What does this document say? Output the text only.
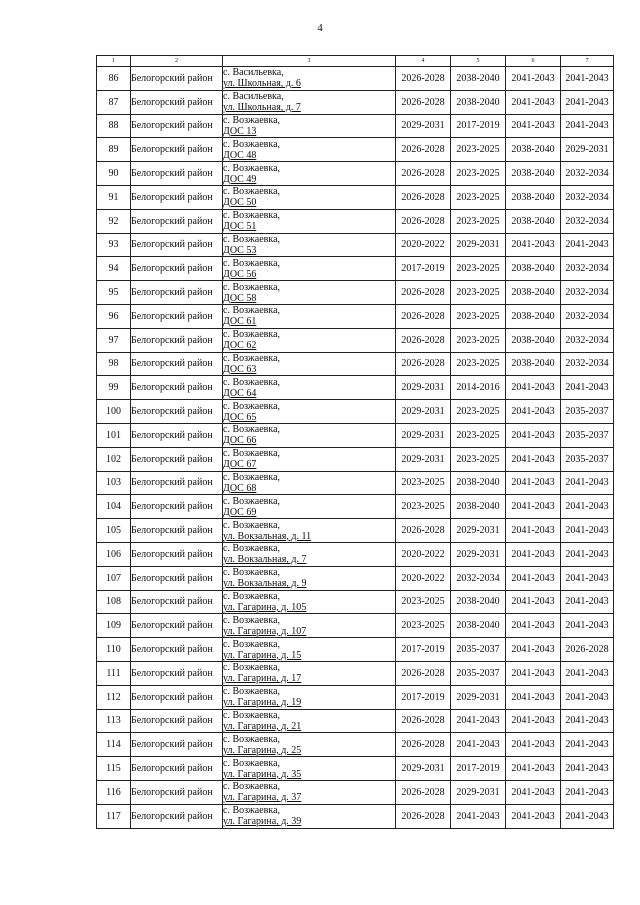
4
1	2	3	4	5	6	7
86	Белогорский район	с. Васильевка,
ул. Школьная, д. 6	2026-2028	2038-2040	2041-2043	2041-2043
87	Белогорский район	с. Васильевка,
ул. Школьная, д. 7	2026-2028	2038-2040	2041-2043	2041-2043
88	Белогорский район	с. Возжаевка,
ДОС 13	2029-2031	2017-2019	2041-2043	2041-2043
89	Белогорский район	с. Возжаевка,
ДОС 48	2026-2028	2023-2025	2038-2040	2029-2031
90	Белогорский район	с. Возжаевка,
ДОС 49	2026-2028	2023-2025	2038-2040	2032-2034
91	Белогорский район	с. Возжаевка,
ДОС 50	2026-2028	2023-2025	2038-2040	2032-2034
92	Белогорский район	с. Возжаевка,
ДОС 51	2026-2028	2023-2025	2038-2040	2032-2034
93	Белогорский район	с. Возжаевка,
ДОС 53	2020-2022	2029-2031	2041-2043	2041-2043
94	Белогорский район	с. Возжаевка,
ДОС 56	2017-2019	2023-2025	2038-2040	2032-2034
95	Белогорский район	с. Возжаевка,
ДОС 58	2026-2028	2023-2025	2038-2040	2032-2034
96	Белогорский район	с. Возжаевка,
ДОС 61	2026-2028	2023-2025	2038-2040	2032-2034
97	Белогорский район	с. Возжаевка,
ДОС 62	2026-2028	2023-2025	2038-2040	2032-2034
98	Белогорский район	с. Возжаевка,
ДОС 63	2026-2028	2023-2025	2038-2040	2032-2034
99	Белогорский район	с. Возжаевка,
ДОС 64	2029-2031	2014-2016	2041-2043	2041-2043
100	Белогорский район	с. Возжаевка,
ДОС 65	2029-2031	2023-2025	2041-2043	2035-2037
101	Белогорский район	с. Возжаевка,
ДОС 66	2029-2031	2023-2025	2041-2043	2035-2037
102	Белогорский район	с. Возжаевка,
ДОС 67	2029-2031	2023-2025	2041-2043	2035-2037
103	Белогорский район	с. Возжаевка,
ДОС 68	2023-2025	2038-2040	2041-2043	2041-2043
104	Белогорский район	с. Возжаевка,
ДОС 69	2023-2025	2038-2040	2041-2043	2041-2043
105	Белогорский район	с. Возжаевка,
ул. Вокзальная, д. 11	2026-2028	2029-2031	2041-2043	2041-2043
106	Белогорский район	с. Возжаевка,
ул. Вокзальная, д. 7	2020-2022	2029-2031	2041-2043	2041-2043
107	Белогорский район	с. Возжаевка,
ул. Вокзальная, д. 9	2020-2022	2032-2034	2041-2043	2041-2043
108	Белогорский район	с. Возжаевка,
ул. Гагарина, д. 105	2023-2025	2038-2040	2041-2043	2041-2043
109	Белогорский район	с. Возжаевка,
ул. Гагарина, д. 107	2023-2025	2038-2040	2041-2043	2041-2043
110	Белогорский район	с. Возжаевка,
ул. Гагарина, д. 15	2017-2019	2035-2037	2041-2043	2026-2028
111	Белогорский район	с. Возжаевка,
ул. Гагарина, д. 17	2026-2028	2035-2037	2041-2043	2041-2043
112	Белогорский район	с. Возжаевка,
ул. Гагарина, д. 19	2017-2019	2029-2031	2041-2043	2041-2043
113	Белогорский район	с. Возжаевка,
ул. Гагарина, д. 21	2026-2028	2041-2043	2041-2043	2041-2043
114	Белогорский район	с. Возжаевка,
ул. Гагарина, д. 25	2026-2028	2041-2043	2041-2043	2041-2043
115	Белогорский район	с. Возжаевка,
ул. Гагарина, д. 35	2029-2031	2017-2019	2041-2043	2041-2043
116	Белогорский район	с. Возжаевка,
ул. Гагарина, д. 37	2026-2028	2029-2031	2041-2043	2041-2043
117	Белогорский район	с. Возжаевка,
ул. Гагарина, д. 39	2026-2028	2041-2043	2041-2043	2041-2043
